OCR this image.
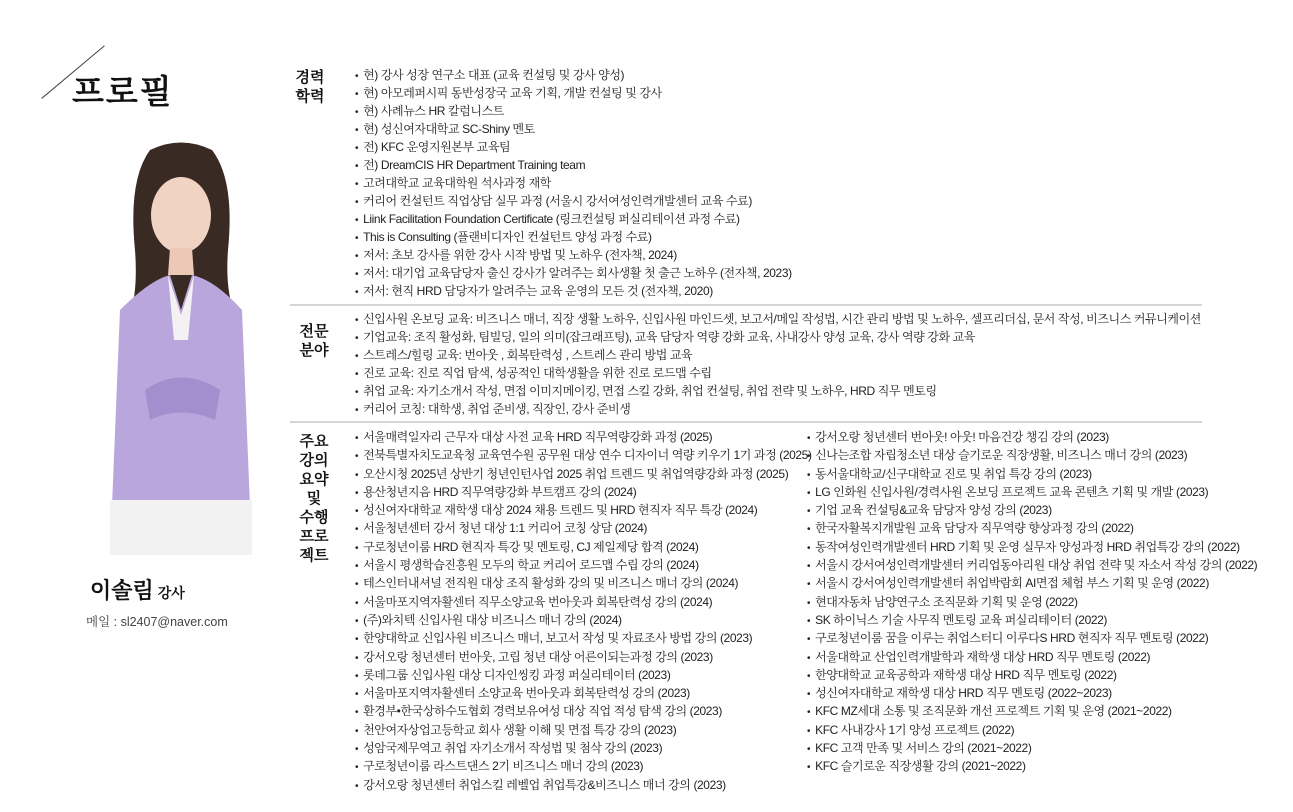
프로필
이솔림 강사
메일 : sl2407@naver.com
경력
학력
• 현) 강사 성장 연구소 대표 (교육 컨설팅 및 강사 양성)
• 현) 아모레퍼시픽 동반성장국 교육 기획, 개발 컨설팅 및 강사
• 현) 사례뉴스 HR 칼럼니스트
• 현) 성신여자대학교 SC-Shiny 멘토
• 전) KFC 운영지원본부 교육팀
• 전) DreamCIS HR Department Training team
• 고려대학교 교육대학원 석사과정 재학
• 커리어 컨설턴트 직업상담 실무 과정 (서울시 강서여성인력개발센터 교육 수료)
• Liink Facilitation Foundation Certificate (링크컨설팅 퍼실리테이션 과정 수료)
• This is Consulting (플랜비디자인 컨설턴트 양성 과정 수료)
• 저서: 초보 강사를 위한 강사 시작 방법 및 노하우 (전자책, 2024)
• 저서: 대기업 교육담당자 출신 강사가 알려주는 회사생활 첫 출근 노하우 (전자책, 2023)
• 저서: 현직 HRD 담당자가 알려주는 교육 운영의 모든 것 (전자책, 2020)
전문
분야
• 신입사원 온보딩 교육: 비즈니스 매너, 직장 생활 노하우, 신입사원 마인드셋, 보고서/메일 작성법, 시간 관리 방법 및 노하우, 셀프리더십, 문서 작성, 비즈니스 커뮤니케이션
• 기업교육: 조직 활성화, 팀빌딩, 일의 의미(잡크래프팅), 교육 담당자 역량 강화 교육, 사내강사 양성 교육, 강사 역량 강화 교육
• 스트레스/힐링 교육: 번아웃 , 회복탄력성 , 스트레스 관리 방법 교육
• 진로 교육: 진로 직업 탐색, 성공적인 대학생활을 위한 진로 로드맵 수립
• 취업 교육: 자기소개서 작성, 면접 이미지메이킹, 면접 스킬 강화, 취업 컨설팅, 취업 전략 및 노하우, HRD 직무 멘토링
• 커리어 코칭: 대학생, 취업 준비생, 직장인, 강사 준비생
주요
강의
요약
및
수행
프로
젝트
• 서울매력일자리 근무자 대상 사전 교육 HRD 직무역량강화 과정 (2025)
• 전북특별자치도교육청 교육연수원 공무원 대상 연수 디자이너 역량 키우기 1기 과정 (2025)
• 오산시청 2025년 상반기 청년인턴사업 2025 취업 트렌드 및 취업역량강화 과정 (2025)
• 용산청년지음 HRD 직무역량강화 부트캠프 강의 (2024)
• 성신여자대학교 재학생 대상 2024 채용 트렌드 및 HRD 현직자 직무 특강 (2024)
• 서울청년센터 강서 청년 대상 1:1 커리어 코칭 상담 (2024)
• 구로청년이룸 HRD 현직자 특강 및 멘토링, CJ 제일제당 합격 (2024)
• 서울시 평생학습진흥원 모두의 학교 커리어 로드맵 수립 강의 (2024)
• 테스인터내셔널 전직원 대상 조직 활성화 강의 및 비즈니스 매너 강의 (2024)
• 서울마포지역자활센터 직무소양교육 번아웃과 회복탄력성 강의 (2024)
• (주)와치텍 신입사원 대상 비즈니스 매너 강의 (2024)
• 한양대학교 신입사원 비즈니스 매너, 보고서 작성 및 자료조사 방법 강의 (2023)
• 강서오랑 청년센터 번아웃, 고립 청년 대상 어른이되는과정 강의 (2023)
• 롯데그룹 신입사원 대상 디자인씽킹 과정 퍼실리테이터 (2023)
• 서울마포지역자활센터 소양교육 번아웃과 회복탄력성 강의 (2023)
• 환경부•한국상하수도협회 경력보유여성 대상 직업 적성 탐색 강의 (2023)
• 천안여자상업고등학교 회사 생활 이해 및 면접 특강 강의 (2023)
• 성암국제무역고 취업 자기소개서 작성법 및 첨삭 강의 (2023)
• 구로청년이룸 라스트댄스 2기 비즈니스 매너 강의 (2023)
• 강서오랑 청년센터 취업스킬 레벨업 취업특강&비즈니스 매너 강의 (2023)
• 강서오랑 청년센터 번아웃! 아웃! 마음건강 챙김 강의 (2023)
• 신나는조합 자립청소년 대상 슬기로운 직장생활, 비즈니스 매너 강의 (2023)
• 동서울대학교/신구대학교 진로 및 취업 특강 강의 (2023)
• LG 인화원 신입사원/경력사원 온보딩 프로젝트 교육 콘텐츠 기획 및 개발 (2023)
• 기업 교육 컨설팅&교육 담당자 양성 강의 (2023)
• 한국자활복지개발원 교육 담당자 직무역량 향상과정 강의 (2022)
• 동작여성인력개발센터 HRD 기획 및 운영 실무자 양성과정 HRD 취업특강 강의 (2022)
• 서울시 강서여성인력개발센터 커리업동아리원 대상 취업 전략 및 자소서 작성 강의 (2022)
• 서울시 강서여성인력개발센터 취업박람회 AI면접 체험 부스 기획 및 운영 (2022)
• 현대자동차 남양연구소 조직문화 기획 및 운영 (2022)
• SK 하이닉스 기술 사무직 멘토링 교육 퍼실리테이터 (2022)
• 구로청년이룸 꿈을 이루는 취업스터디 이루다S HRD 현직자 직무 멘토링 (2022)
• 서울대학교 산업인력개발학과 재학생 대상 HRD 직무 멘토링 (2022)
• 한양대학교 교육공학과 재학생 대상 HRD 직무 멘토링 (2022)
• 성신여자대학교 재학생 대상 HRD 직무 멘토링 (2022~2023)
• KFC MZ세대 소통 및 조직문화 개선 프로젝트 기획 및 운영 (2021~2022)
• KFC 사내강사 1기 양성 프로젝트 (2022)
• KFC 고객 만족 및 서비스 강의 (2021~2022)
• KFC 슬기로운 직장생활 강의 (2021~2022)
